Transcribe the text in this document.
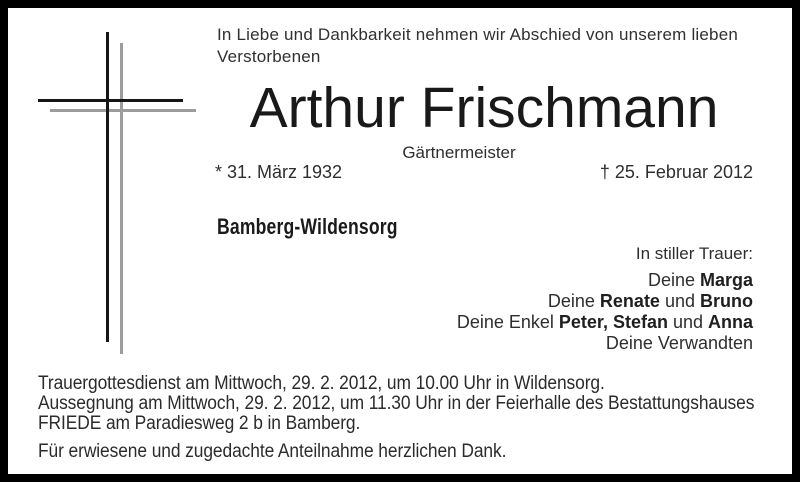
In Liebe und Dankbarkeit nehmen wir Abschied von unserem lieben
Verstorbenen
Arthur Frischmann
Gärtnermeister
* 31. März 1932	† 25. Februar 2012
Bamberg-Wildensorg
In stiller Trauer:
Deine Marga
Deine Renate und Bruno
Deine Enkel Peter, Stefan und Anna
Deine Verwandten

Trauergottesdienst am Mittwoch, 29. 2. 2012, um 10.00 Uhr in Wildensorg.

Aussegnung am Mittwoch, 29. 2. 2012, um 11.30 Uhr in der Feierhalle des Bestattungshauses
FRIEDE am Paradiesweg 2 b in Bamberg.

Für erwiesene und zugedachte Anteilnahme herzlichen Dank.
